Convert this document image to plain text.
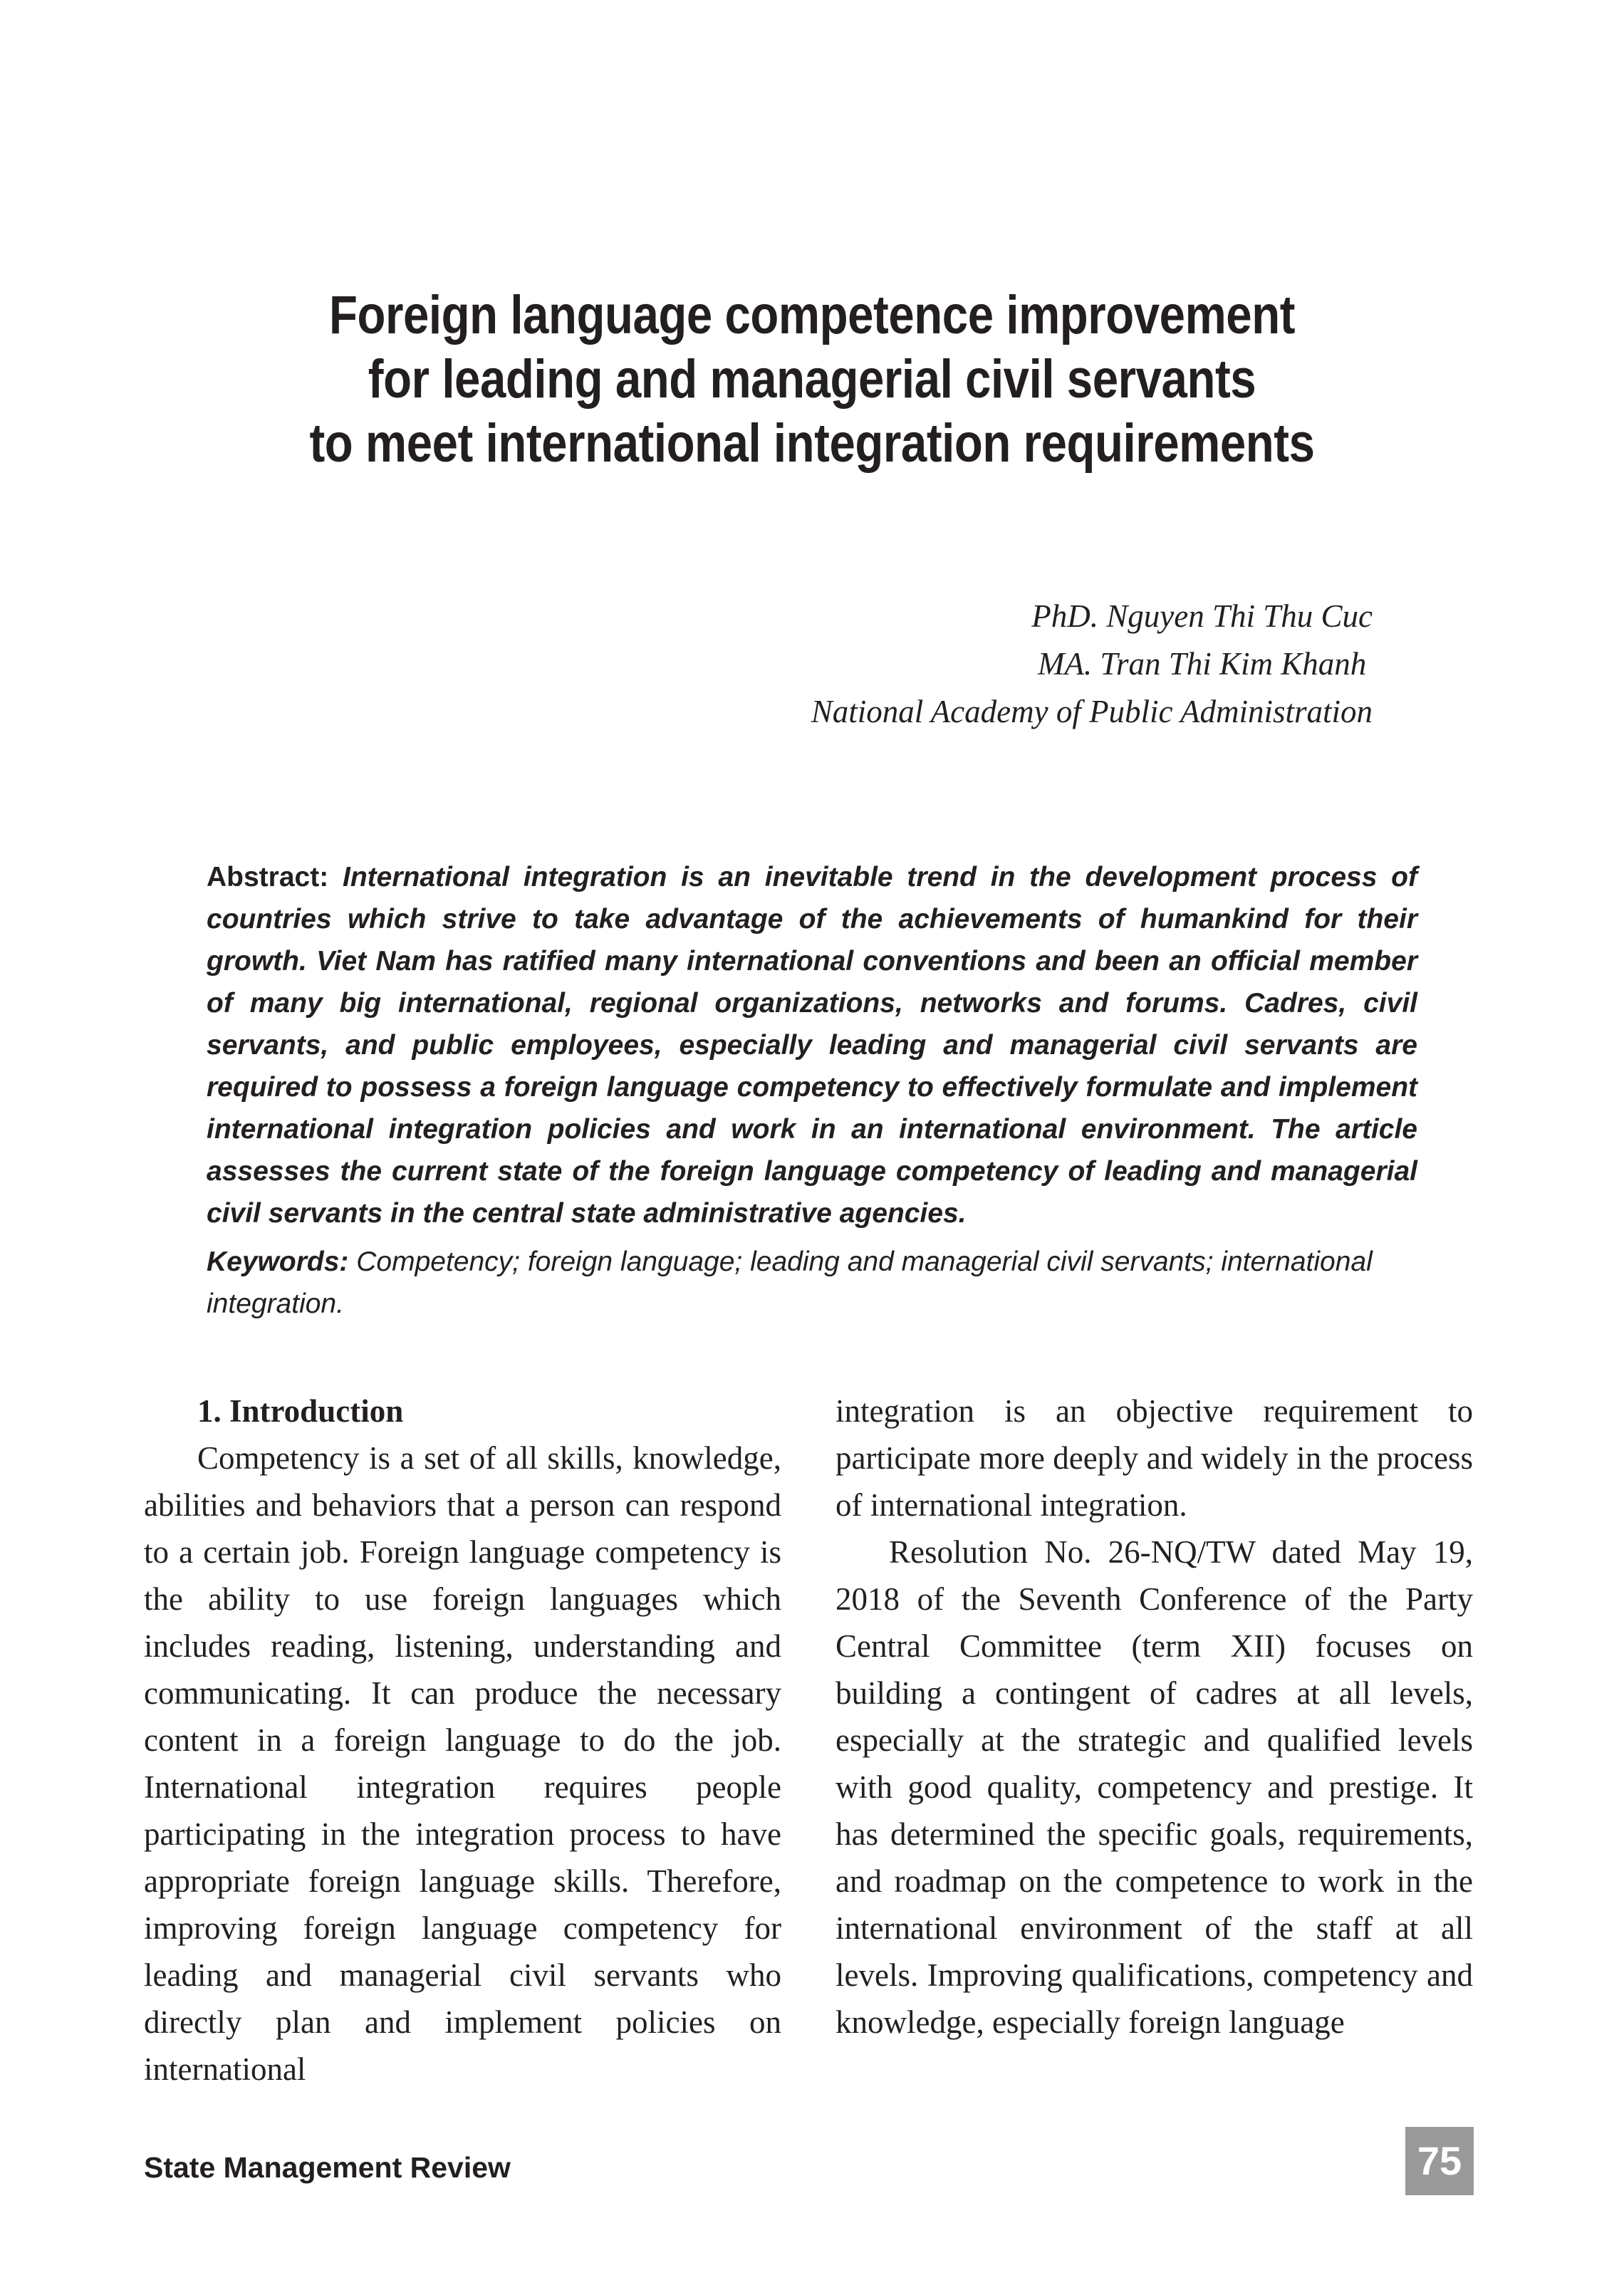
Foreign language competence improvement
for leading and managerial civil servants
to meet international integration requirements
PhD. Nguyen Thi Thu Cuc
MA. Tran Thi Kim Khanh
National Academy of Public Administration
Abstract: International integration is an inevitable trend in the development process of countries which strive to take advantage of the achievements of humankind for their growth. Viet Nam has ratified many international conventions and been an official member of many big international, regional organizations, networks and forums. Cadres, civil servants, and public employees, especially leading and managerial civil servants are required to possess a foreign language competency to effectively formulate and implement international integration policies and work in an international environment. The article assesses the current state of the foreign language competency of leading and managerial civil servants in the central state administrative agencies.
Keywords: Competency; foreign language; leading and managerial civil servants; international integration.

1. Introduction

Competency is a set of all skills, knowledge, abilities and behaviors that a person can respond to a certain job. Foreign language competency is the ability to use foreign languages which includes reading, listening, understanding and communicating. It can produce the necessary content in a foreign language to do the job. International integration requires people participating in the integration process to have appropriate foreign language skills. Therefore, improving foreign language competency for leading and managerial civil servants who directly plan and implement policies on international

integration is an objective requirement to participate more deeply and widely in the process of international integration.

Resolution No. 26-NQ/TW dated May 19, 2018 of the Seventh Conference of the Party Central Committee (term XII) focuses on building a contingent of cadres at all levels, especially at the strategic and qualified levels with good quality, competency and prestige. It has determined the specific goals, requirements, and roadmap on the competence to work in the international environment of the staff at all levels. Improving qualifications, competency and knowledge, especially foreign language

State Management Review	75
